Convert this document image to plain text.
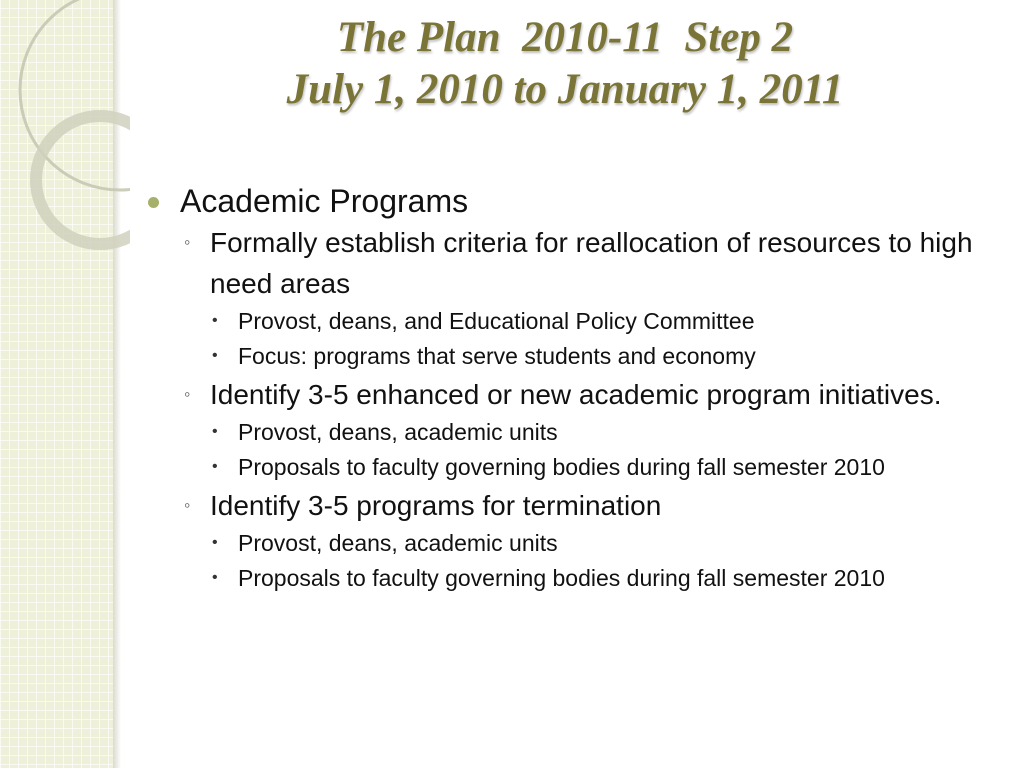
The Plan  2010-11  Step 2
July 1, 2010 to January 1, 2011
Academic Programs
◦ Formally establish criteria for reallocation of resources to high need areas
• Provost, deans, and Educational Policy Committee
• Focus: programs that serve students and economy
◦ Identify 3-5 enhanced or new academic program initiatives.
• Provost, deans, academic units
• Proposals to faculty governing bodies during fall semester 2010
◦ Identify 3-5 programs for termination
• Provost, deans, academic units
• Proposals to faculty governing bodies during fall semester 2010
